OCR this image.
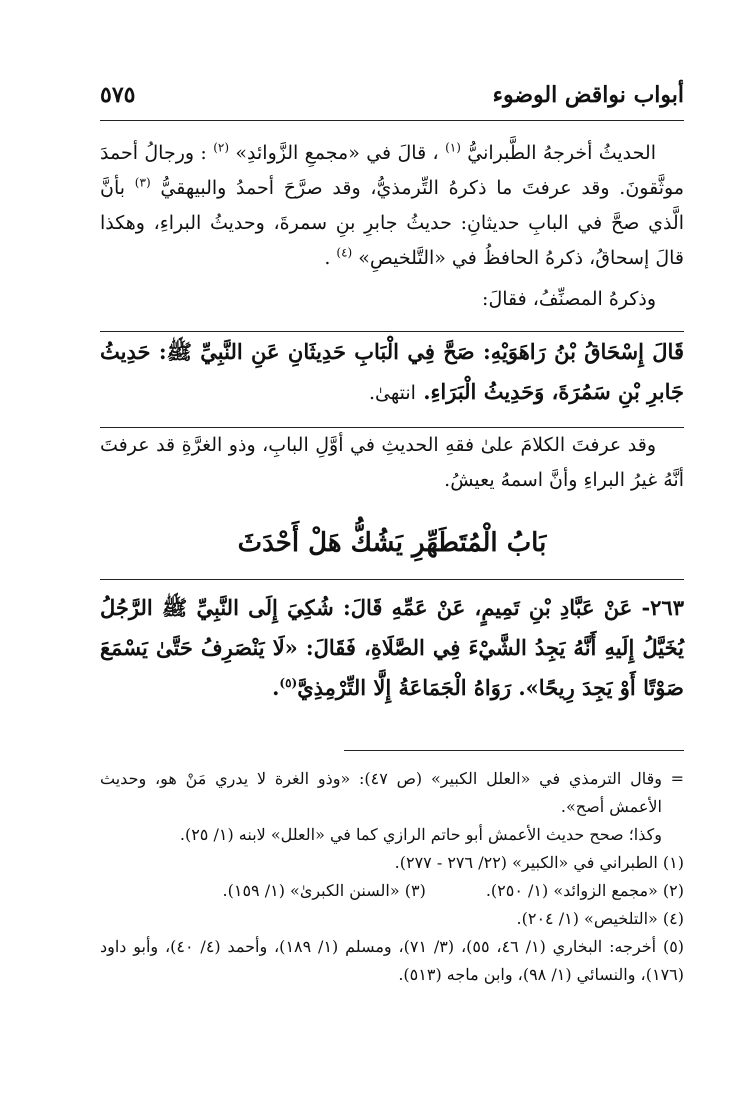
أبواب نواقض الوضوء
٥٧٥

الحديثُ أخرجهُ الطَّبرانيُّ $^{(١)}$ ، قالَ في «مجمعِ الزَّوائدِ» $^{(٢)}$ : ورجالُ أحمدَ موثَّقونَ. وقد عرفتَ ما ذكرهُ التِّرمذيُّ، وقد صرَّحَ أحمدُ والبيهقيُّ $^{(٣)}$ بأنَّ الَّذي صحَّ في البابِ حديثانِ: حديثُ جابرِ بنِ سمرةَ، وحديثُ البراءِ، وهكذا قالَ إسحاقُ، ذكرهُ الحافظُ في «التَّلخيصِ» $^{(٤)}$ .

وذكرهُ المصنِّفُ، فقالَ:

قَالَ إِسْحَاقُ بْنُ رَاهَوَيْهِ: صَحَّ فِي الْبَابِ حَدِيثَانِ عَنِ النَّبِيِّ ﷺ: حَدِيثُ جَابرِ بْنِ سَمُرَةَ، وَحَدِيثُ الْبَرَاءِ. انتهىٰ.

وقد عرفتَ الكلامَ علىٰ فقهِ الحديثِ في أوَّلِ البابِ، وذو الغرَّةِ قد عرفتَ أنَّهُ غيرُ البراءِ وأنَّ اسمهُ يعيشُ.

بَابُ الْمُتَطَهِّرِ يَشُكُّ هَلْ أَحْدَثَ

٢٦٣- عَنْ عَبَّادِ بْنِ تَمِيمٍ، عَنْ عَمِّهِ قَالَ: شُكِيَ إِلَى النَّبِيِّ ﷺ الرَّجُلُ يُخَيَّلُ إِلَيهِ أَنَّهُ يَجِدُ الشَّيْءَ فِي الصَّلَاةِ، فَقَالَ: «لَا يَنْصَرِفُ حَتَّىٰ يَسْمَعَ صَوْتًا أَوْ يَجِدَ رِيحًا». رَوَاهُ الْجَمَاعَةُ إِلَّا التِّرْمِذِيَّ$^{(٥)}$.

=
وقال الترمذي في «العلل الكبير» (ص ٤٧): «وذو الغرة لا يدري مَنْ هو، وحديث الأعمش أصح».

وكذا؛ صحح حديث الأعمش أبو حاتم الرازي كما في «العلل» لابنه (١/ ٢٥).

(١) الطبراني في «الكبير» (٢٢/ ٢٧٦ - ٢٧٧).

(٢) «مجمع الزوائد» (١/ ٢٥٠).
(٣) «السنن الكبرىٰ» (١/ ١٥٩).

(٤) «التلخيص» (١/ ٢٠٤).

(٥) أخرجه: البخاري (١/ ٤٦، ٥٥)، (٣/ ٧١)، ومسلم (١/ ١٨٩)، وأحمد (٤/ ٤٠)، وأبو داود (١٧٦)، والنسائي (١/ ٩٨)، وابن ماجه (٥١٣).
